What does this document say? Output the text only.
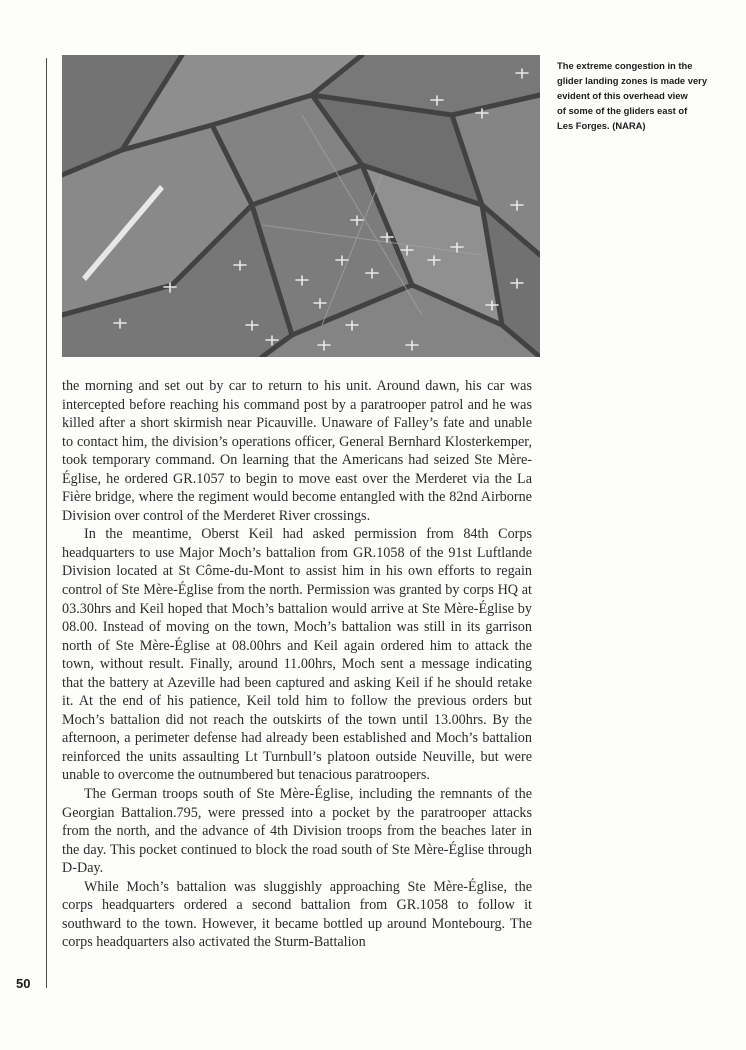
The extreme congestion in the
glider landing zones is made very
evident of this overhead view
of some of the gliders east of
Les Forges. (NARA)

the morning and set out by car to return to his unit. Around dawn, his car was intercepted before reaching his command post by a paratrooper patrol and he was killed after a short skirmish near Picauville. Unaware of Falley’s fate and unable to contact him, the division’s operations officer, General Bernhard Klosterkemper, took temporary command. On learning that the Americans had seized Ste Mère-Église, he ordered GR.1057 to begin to move east over the Merderet via the La Fière bridge, where the regiment would become entangled with the 82nd Airborne Division over control of the Merderet River crossings.

In the meantime, Oberst Keil had asked permission from 84th Corps headquarters to use Major Moch’s battalion from GR.1058 of the 91st Luftlande Division located at St Côme-du-Mont to assist him in his own efforts to regain control of Ste Mère-Église from the north. Permission was granted by corps HQ at 03.30hrs and Keil hoped that Moch’s battalion would arrive at Ste Mère-Église by 08.00. Instead of moving on the town, Moch’s battalion was still in its garrison north of Ste Mère-Église at 08.00hrs and Keil again ordered him to attack the town, without result. Finally, around 11.00hrs, Moch sent a message indicating that the battery at Azeville had been captured and asking Keil if he should retake it. At the end of his patience, Keil told him to follow the previous orders but Moch’s battalion did not reach the outskirts of the town until 13.00hrs. By the afternoon, a perimeter defense had already been established and Moch’s battalion reinforced the units assaulting Lt Turnbull’s platoon outside Neuville, but were unable to overcome the outnumbered but tenacious paratroopers.

The German troops south of Ste Mère-Église, including the remnants of the Georgian Battalion.795, were pressed into a pocket by the paratrooper attacks from the north, and the advance of 4th Division troops from the beaches later in the day. This pocket continued to block the road south of Ste Mère-Église through D-Day.

While Moch’s battalion was sluggishly approaching Ste Mère-Église, the corps headquarters ordered a second battalion from GR.1058 to follow it southward to the town. However, it became bottled up around Montebourg. The corps headquarters also activated the Sturm-Battalion

50
